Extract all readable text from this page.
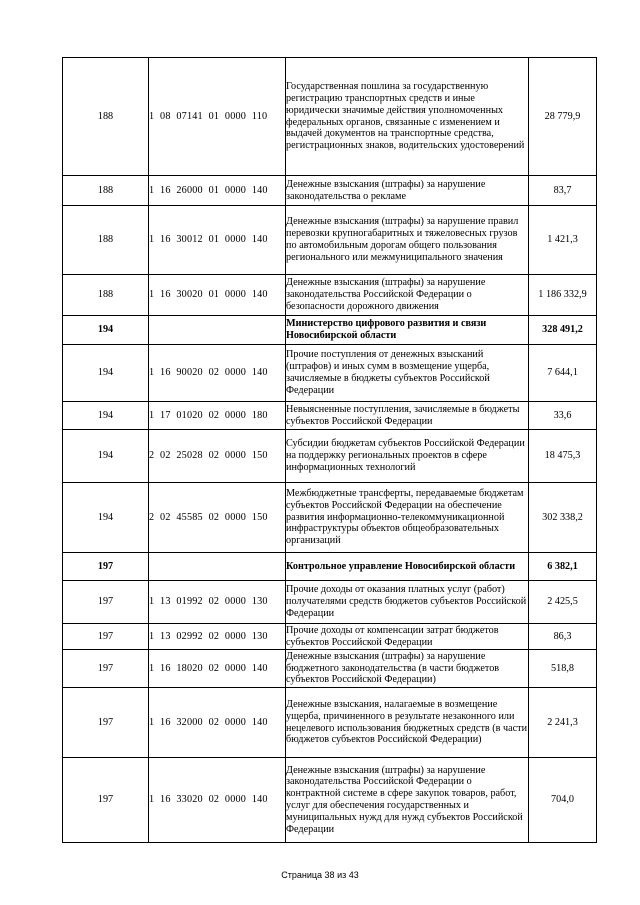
188	1 08 07141 01 0000 110	Государственная пошлина за государственную регистрацию транспортных средств и иные юридически значимые действия уполномоченных федеральных органов, связанные с изменением и выдачей документов на транспортные средства, регистрационных знаков, водительских удостоверений	28 779,9
188	1 16 26000 01 0000 140	Денежные взыскания (штрафы) за нарушение законодательства о рекламе	83,7
188	1 16 30012 01 0000 140	Денежные взыскания (штрафы) за нарушение правил перевозки крупногабаритных и тяжеловесных грузов по автомобильным дорогам общего пользования регионального или межмуниципального значения	1 421,3
188	1 16 30020 01 0000 140	Денежные взыскания (штрафы) за нарушение законодательства Российской Федерации о безопасности дорожного движения	1 186 332,9
194		Министерство цифрового развития и связи Новосибирской области	328 491,2
194	1 16 90020 02 0000 140	Прочие поступления от денежных взысканий (штрафов) и иных сумм в возмещение ущерба, зачисляемые в бюджеты субъектов Российской Федерации	7 644,1
194	1 17 01020 02 0000 180	Невыясненные поступления, зачисляемые в бюджеты субъектов Российской Федерации	33,6
194	2 02 25028 02 0000 150	Субсидии бюджетам субъектов Российской Федерации на поддержку региональных проектов в сфере информационных технологий	18 475,3
194	2 02 45585 02 0000 150	Межбюджетные трансферты, передаваемые бюджетам субъектов Российской Федерации на обеспечение развития информационно-телекоммуникационной инфраструктуры объектов общеобразовательных организаций	302 338,2
197		Контрольное управление Новосибирской области	6 382,1
197	1 13 01992 02 0000 130	Прочие доходы от оказания платных услуг (работ) получателями средств бюджетов субъектов Российской Федерации	2 425,5
197	1 13 02992 02 0000 130	Прочие доходы от компенсации затрат бюджетов субъектов Российской Федерации	86,3
197	1 16 18020 02 0000 140	Денежные взыскания (штрафы) за нарушение бюджетного законодательства (в части бюджетов субъектов Российской Федерации)	518,8
197	1 16 32000 02 0000 140	Денежные взыскания, налагаемые в возмещение ущерба, причиненного в результате незаконного или нецелевого использования бюджетных средств (в части бюджетов субъектов Российской Федерации)	2 241,3
197	1 16 33020 02 0000 140	Денежные взыскания (штрафы) за нарушение законодательства Российской Федерации о контрактной системе в сфере закупок товаров, работ, услуг для обеспечения государственных и муниципальных нужд для нужд субъектов Российской Федерации	704,0
Страница 38 из 43
